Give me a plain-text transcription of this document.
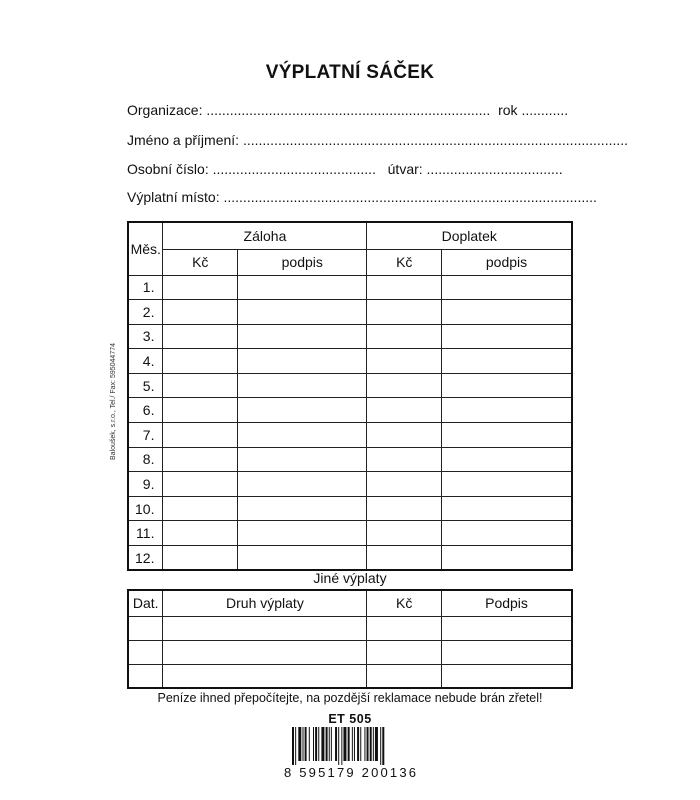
VÝPLATNÍ SÁČEK
Organizace: ......................................................................... rok ............
Jméno a příjmení: ...................................................................................................
Osobní číslo: .......................................... útvar: ...................................
Výplatní místo: ................................................................................................
Baloušek, s.r.o., Tel./ Fax: 595044774
Měs.	Záloha		Doplatek	
	Kč	podpis	Kč	podpis
1.				
2.				
3.				
4.				
5.				
6.				
7.				
8.				
9.				
10.				
11.				
12.				
Jiné výplaty
Dat.	Druh výplaty	Kč	Podpis

Peníze ihned přepočítejte, na pozdější reklamace nebude brán zřetel!
ET 505
8 595179 200136
